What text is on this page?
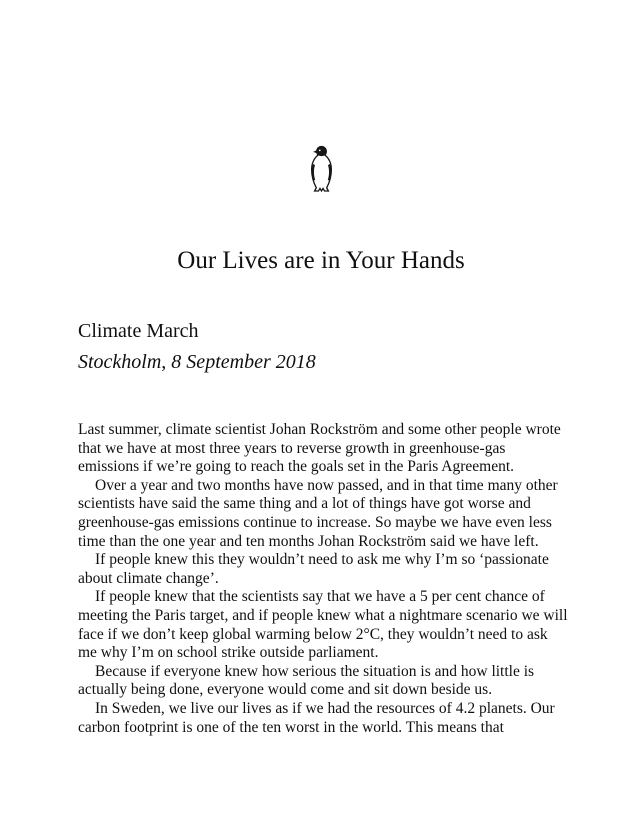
Our Lives are in Your Hands
Climate March
Stockholm, 8 September 2018

Last summer, climate scientist Johan Rockström and some other people wrote that we have at most three years to reverse growth in greenhouse-gas emissions if we’re going to reach the goals set in the Paris Agreement.

Over a year and two months have now passed, and in that time many other scientists have said the same thing and a lot of things have got worse and greenhouse-gas emissions continue to increase. So maybe we have even less time than the one year and ten months Johan Rockström said we have left.

If people knew this they wouldn’t need to ask me why I’m so ‘passionate about climate change’.

If people knew that the scientists say that we have a 5 per cent chance of meeting the Paris target, and if people knew what a nightmare scenario we will face if we don’t keep global warming below 2°C, they wouldn’t need to ask me why I’m on school strike outside parliament.

Because if everyone knew how serious the situation is and how little is actually being done, everyone would come and sit down beside us.

In Sweden, we live our lives as if we had the resources of 4.2 planets. Our carbon footprint is one of the ten worst in the world. This means that
